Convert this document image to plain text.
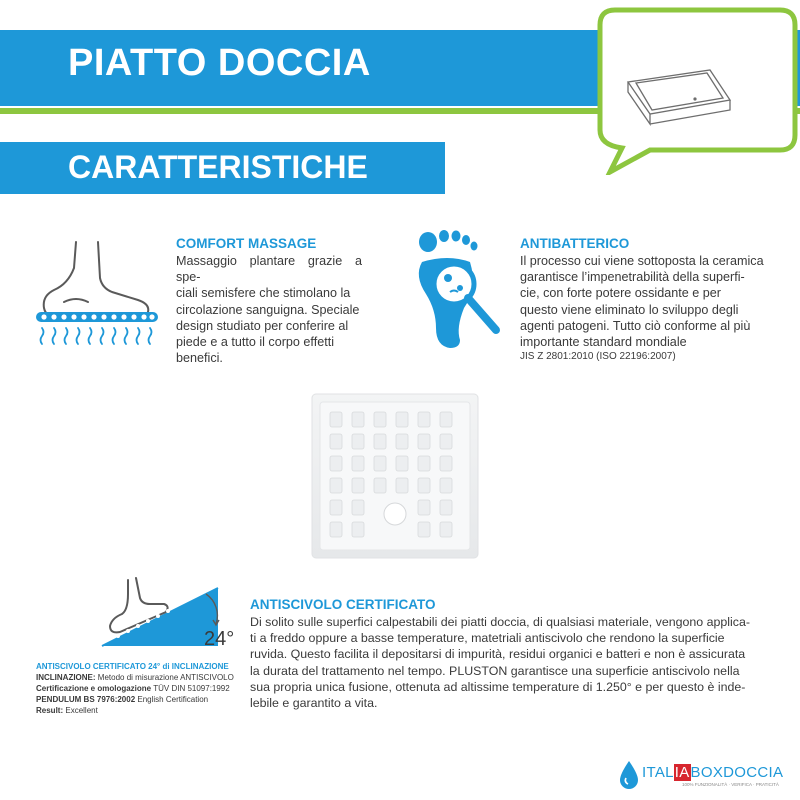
PIATTO DOCCIA
CARATTERISTICHE
COMFORT MASSAGE
Massaggio plantare grazie a spe-
ciali semisfere che stimolano la
circolazione sanguigna. Speciale
design studiato per conferire al
piede e a tutto il corpo effetti
benefici.
ANTIBATTERICO
Il processo cui viene sottoposta la ceramica
garantisce l’impenetrabilità della superfi-
cie, con forte potere ossidante e per
questo viene eliminato lo sviluppo degli
agenti patogeni. Tutto ciò conforme al più
importante standard mondiale
JIS Z 2801:2010 (ISO 22196:2007)
24°
ANTISCIVOLO CERTIFICATO 24° di INCLINAZIONE
INCLINAZIONE: Metodo di misurazione ANTISCIVOLO
Certificazione e omologazione TÜV DIN 51097:1992
PENDULUM BS 7976:2002 English Certification
Result: Excellent
ANTISCIVOLO CERTIFICATO
Di solito sulle superfici calpestabili dei piatti doccia, di qualsiasi materiale, vengono applica-
ti a freddo oppure a basse temperature, matetriali antiscivolo che rendono la superficie
ruvida. Questo facilita il depositarsi di impurità, residui organici e batteri e non è assicurata
la durata del trattamento nel tempo. PLUSTON garantisce una superficie antiscivolo nella
sua propria unica fusione, ottenuta ad altissime temperature di 1.250° e per questo è inde-
lebile e garantito a vita.
ITALIABOXDOCCIA
100% FUNZIONALITÀ · VERIFICA · PRATICITÀ
